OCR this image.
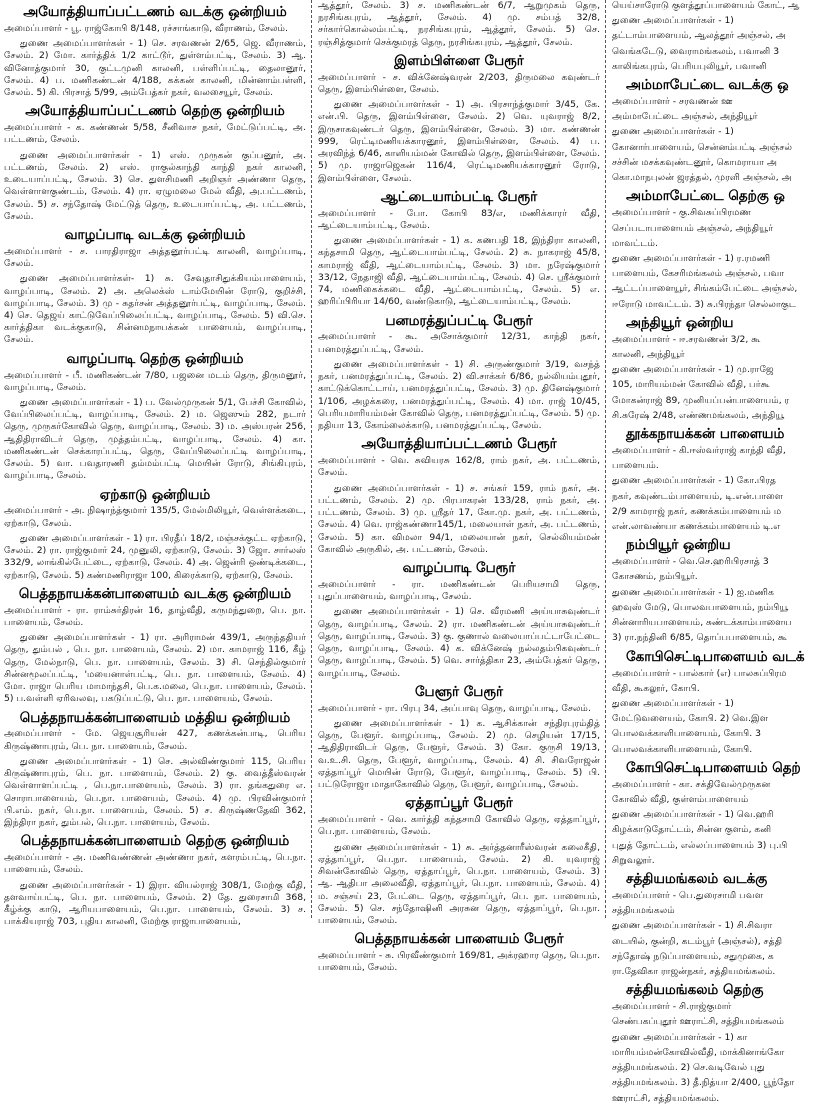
அயோத்தியாப்பட்டணம் வடக்கு ஒன்றியம்

அமைப்பாளர் - பூ. ராஜ்கோபி 8/148, ரச்சாங்காடு, வீராணம், சேலம்.

துணை அமைப்பாளர்கள் - 1) செ. சரவணன் 2/65, ஜெ. வீராணம், சேலம். 2) மோ. கார்த்திக் 1/2 காட்டூர், துள்ளம்பட்டி, சேலம். 3) ஆ. வினோத்குமார் 30, குட்டமுனி காலனி, பள்ளிப்பட்டி, தைலானூர், சேலம். 4) ப. மணிகண்டன் 4/188, கக்கன் காலனி, மின்னாம்பள்ளி, சேலம். 5) கி. பிரசாத் 5/99, அம்பேத்கர் நகர், வலசையூர், சேலம்.

அயோத்தியாப்பட்டணம் தெற்கு ஒன்றியம்

அமைப்பாளர் - க. கண்ணன் 5/58, சீனிவாச நகர், மேட்டுப்பட்டி, அ. பட்டணம், சேலம்.

துணை அமைப்பாளர்கள் - 1) எஸ். முருகன் குப்பனூர், அ. பட்டணம், சேலம். 2) எஸ். ராகுல்காந்தி காந்தி நகர் காலனி, உடையாப்பட்டி, சேலம். 3) செ. துளசிமணி அறிஞர் அண்ணா தெரு, வெள்ளாளகுண்டம், சேலம். 4) ரா. ஏழுமலை மேல் வீதி, அ.பட்டணம், சேலம். 5) ச. சந்தோஷ் மேட்டுத் தெரு, உடையாப்பட்டி, அ. பட்டணம், சேலம்.

வாழப்பாடி வடக்கு ஒன்றியம்

அமைப்பாளர் - ச. பாரதிராஜா அத்தனூர்பட்டி காலனி, வாழப்பாடி, சேலம்.

துணை அமைப்பாளர்கள்- 1) சு. சேவுதாசிதுக்கியம்பாளையம், வாழப்பாடி, சேலம். 2) அ. அலெக்ஸ் டாம்மேயின் ரோடு, குறிச்சி, வாழப்பாடி, சேலம். 3) மு - சுதர்சன் அத்தனூர்பட்டி, வாழப்பாடி, சேலம். 4) செ. தெஜய் காட்டுவேப்பிலைப்பட்டி, வாழப்பாடி, சேலம். 5) வி.செ. கார்த்திகா வடக்குகாடு, சின்னமநாயக்கன் பாளையம், வாழப்பாடி, சேலம்.

வாழப்பாடி தெற்கு ஒன்றியம்

அமைப்பாளர் - பீ. மணிகண்டன் 7/80, பஜனை மடம் தெரு, திருமனூர், வாழப்பாடி, சேலம்.

துணை அமைப்பாளர்கள் - 1) ப. வேல்முருகன் 5/1, பேச்சி கோவில், வேப்பிலைப்பட்டி, வாழப்பாடி, சேலம். 2) ம. ஜெஸும் 282, நடார் தெரு, முருகர்கோவில் தெரு, வாழப்பாடி, சேலம். 3) ம. அஸ்பரன் 256, ஆதிதிராவிடர் தெரு, முத்தம்பட்டி, வாழப்பாடி, சேலம். 4) கா. மணிகண்டன் செக்காரப்பட்டி, தெரு, வேப்பிலைப்பட்டி வாழப்பாடி, சேலம். 5) வா. பவதாரணி தம்மம்பட்டி மெயின் ரோடு, சிங்கிபுரம், வாழப்பாடி, சேலம்.

ஏற்காடு ஒன்றியம்

அமைப்பாளர் - அ. நிஷாந்த்குமார் 135/5, மேல்மிலியூர், வெள்ளக்கடை, ஏற்காடு, சேலம்.

துணை அமைப்பாளர்கள் - 1) ரா. பிரதீப் 18/2, மஞ்சக்குட்ட ஏற்காடு, சேலம். 2) ரா. ராஜ்குமார் 24, முனுலி, ஏற்காடு, சேலம். 3) ஜோ. சார்லஸ் 332/9, லாங்கில்பேட்டை, ஏற்காடு, சேலம். 4) அ. ஜென்ரி ஒண்டிக்கடை, ஏற்காடு, சேலம். 5) கண்மணிராஜா 100, கிரைக்காடு, ஏற்காடு, சேலம்.

பெத்தநாயக்கன்பாளையம் வடக்கு ஒன்றியம்

அமைப்பாளர் - ரா. ராம்சுர்திரன் 16, தாழ்வீதி, கருமந்துறை, பெ. நா. பாளையம், சேலம்.

துணை அமைப்பாளர்கள் - 1) ரா. அரிராமன் 439/1, அருந்ததியர் தெரு, தும்பல் , பெ. நா. பாளையம், சேலம். 2) மா. காமராஜ் 116, கீழ் தெரு, மேல்நாடு, பெ. நா. பாளையம், சேலம். 3) சி. செந்தில்குமார் சின்னமூலப்பட்டி, 'மயைனாள்பட்டி, பெ. நா. பாளையம், சேலம். 4) மோ. ராஜா பெரிய மாமாந்தசி, பெ.க.மலை, பெ.நா. பாளையம், சேலம். 5) ப.வள்ளி ஏரிவலவு, பகடுப்பட்டு, பெ. நா. பாளையம், சேலம்.

பெத்தநாயக்கன்பாளையம் மத்திய ஒன்றியம்

அமைப்பாளர் - மே. ஜெயசூரியன் 427, கணக்கன்பாடி, பெரிய கிருஷ்ணாபுரம், பெ. நா. பாளையம், சேலம்.

துணை அமைப்பாளர்கள் - 1) செ. அல்விண்குமார் 115, பெரிய கிருஷ்ணாபுரம், பெ. நா. பாளையம், சேலம். 2) கு. வைத்தீஸ்வரன் வெள்ளாளப்பட்டி , பெ.நா.பாளையம், சேலம். 3) ரா. தங்கதுரை எ. சொராபாளையம், பெ.நா. பாளையம், சேலம். 4) மு. பிரவின்குமார் பி.எம். நகர், பெ.நா. பாளையம், சேலம். 5) ச. கிருஷ்ணதேவி 362, இந்திரா நகர், தும்பல், பெ.நா. பாளையம், சேலம்.

பெத்தநாயக்கன்பாளையம் தெற்கு ஒன்றியம்

அமைப்பாளர் - அ. மணிவண்ணன் அண்ணா நகர், களரம்பட்டி, பெ.நா. பாளையம், சேலம்.

துணை அமைப்பாளர்கள் - 1) இரா. வியல்ராஜ் 308/1, மேற்கு வீதி, தளவாய்பட்டி, பெ. நா. பாளையம், சேலம். 2) தே. துரைசாமி 368, கீழ்க்கு காடு, ஆரியபாளையம், பெ.நா. பாளையம், சேலம். 3) ச. பாக்கியராஜ் 703, புதிய காலனி, மேற்கு ராஜாபாளையம்,

ஆத்தூர், சேலம். 3) ச. மணிகண்டன் 6/7, ஆறுமுகம் தெரு, நரசிங்கபுரம், ஆத்தூர், சேலம். 4) மு. சம்பத் 32/8, சர்கார்கொல்லம்பட்டி, நரசிங்கபுரம், ஆத்தூர், சேலம். 5) செ. ரஞ்சித்குமார் செக்குமரத் தெரு, நரசிங்கபுரம், ஆத்தூர், சேலம்.

இளம்பிள்ளை பேரூர்

அமைப்பாளர் - ச. விக்னேஷ்வரன் 2/203, திருமலை கவுண்டர் தெரு, இளம்பிள்ளை, சேலம்.

துணை அமைப்பாளர்கள் - 1) அ. பிரசாந்த்குமார் 3/45, கே. என்.பி. தெரு, இளம்பிள்ளை, சேலம். 2) வெ. யுவராஜ் 8/2, இருசாகவுண்டர் தெரு, இளம்பிள்ளை, சேலம். 3) மா. கண்ணன் 999, ரெட்டிமணியக்காரனூர், இளம்பிள்ளை, சேலம். 4) ப. அரவிந்த் 6/46, காளியம்மன் கோவில் தெரு, இளம்பிள்ளை, சேலம். 5) மு. ராஜாஜெகன் 116/4, ரெட்டிமணியக்காரனூர் ரோடு, இளம்பிள்ளை, சேலம்.

ஆட்டையாம்பட்டி பேரூர்

அமைப்பாளர் - போ. கோபி 83/எ, மணிக்காரர் வீதி, ஆட்டையாம்பட்டி, சேலம்.

துணை அமைப்பாளர்கள் - 1) க. கணபதி 18, இந்திரா காலனி, கந்தசாமி தெரு, ஆட்டையாம்பட்டி, சேலம். 2) சு. நாகராஜ் 45/8, காமராஜ் வீதி, ஆட்டையாம்பட்டி, சேலம். 3) மா. நரேஷ்குமார் 33/12, நேதாஜி வீதி, ஆட்டையாம்பட்டி, சேலம். 4) செ. ஸ்ரீக்குமார் 74, மணிகைக்கடை வீதி, ஆட்டையாம்பட்டி, சேலம். 5) எ. ஹரிப்பிரியா 14/60, வண்டுகாடு, ஆட்டையாம்பட்டி, சேலம்.

பனமரத்துப்பட்டி பேரூர்

அமைப்பாளர் - கூ. அசோக்குமார் 12/31, காந்தி நகர், பனமரத்துப்பட்டி, சேலம்.

துணை அமைப்பாளர்கள் - 1) சி. அருண்குமார் 3/19, வசந்த் நகர், பனமரத்துப்பட்டி, சேலம். 2) வி.சாக்கர் 6/86, நல்லியம்புதூர், காட்டுக்கொட்டாய், பனமரத்துப்பட்டி, சேலம். 3) மு. தினேஷ்குமார் 1/106, அழக்கரை, பனமரத்துப்பட்டி, சேலம். 4) மா. ராஜ் 10/45, பெரியமாரியம்மன் கோவில் தெரு, பனமரத்துப்பட்டி, சேலம். 5) மு. நதியா 13, கோம்லைக்காடு, பனமரத்துப்பட்டி, சேலம்.

அயோத்தியாப்பட்டணம் பேரூர்

அமைப்பாளர் - வெ. சுவியரசு 162/8, ராம் நகர், அ. பட்டணம், சேலம்.

துணை அமைப்பாளர்கள் - 1) ச. சங்கர் 159, ராம் நகர், அ. பட்டணம், சேலம். 2) மு. பிரபாகரன் 133/28, ராம் நகர், அ. பட்டணம், சேலம். 3) மு. ஸ்ரீதர் 17, கோ.மு. நகர், அ. பட்டணம், சேலம். 4) வெ. ராஜ்கண்ணா145/1, மலையாள் நகர், அ. பட்டணம், சேலம். 5) கா. விமலா 94/1, மலையான் நகர், செல்லியம்மன் கோவில் அருகில், அ. பட்டணம், சேலம்.

வாழப்பாடி பேரூர்

அமைப்பாளர் - ரா. மணிகண்டன் பெரியசாமி தெரு, புதுப்பாளையம், வாழப்பாடி, சேலம்.

துணை அமைப்பாளர்கள் - 1) செ. வீரமணி அய்யாசுவுண்டர் தெரு, வாழப்பாடி, சேலம். 2) ரா. மணிகண்டன் அய்யாசுவுண்டர் தெரு, வாழப்பாடி, சேலம். 3) கு. குணால் வலையாப்பட்டாபேட்டை தெரு, வாழப்பாடி, சேலம். 4) க. விக்னேஷ் நல்லதம்பிகவுண்டர் தெரு, வாழப்பாடி, சேலம். 5) வெ. சார்த்திகா 23, அம்பேத்கர் தெரு, வாழப்பாடி, சேலம்.

பேளூர் பேரூர்

அமைப்பாளர் - ரா. பிரபு 34, அப்பாவு தெரு, வாழப்பாடி, சேலம்.

துணை அமைப்பாளர்கள் - 1) க. ஆசிக்கான் சந்திரபுரம்தித் தெரு, பேளூர். வாழப்பாடி, சேலம். 2) மு. செழியன் 17/15, ஆதிதிராவிடர் தெரு, பேளூர், சேலம். 3) கோ. குருசி 19/13, வ.உ.சி. தெரு, பேளூர், வாழப்பாடி, சேலம். 4) சி. சிவரோஜன் ஏத்தாப்பூர் மெயின் ரோடு, பேளூர், வாழப்பாடி, சேலம். 5) பி. பட்டுரோஜா மாதாகோவில் தெரு, பேளூர், வாழப்பாடி, சேலம்.

ஏத்தாப்பூர் பேரூர்

அமைப்பாளர் - வெ. கார்த்தி கந்தசாமி கோவில் தெரு, ஏத்தாப்பூர், பெ.நா. பாளையம், சேலம்.

துணை அமைப்பாளர்கள் - 1) சு. அர்த்தனாரீஸ்வரன் கலைகீதி, ஏத்தாப்பூர், பெ.நா. பாளையம், சேலம். 2) கி. யுவராஜ் சிவன்கோவில் தெரு, ஏத்தாப்பூர், பெ.நா. பாளையம், சேலம். 3) ஆ. ஆதிபா அலைவீதி, ஏத்தாப்பூர், பெ.நா. பாளையம், சேலம். 4) ம. சஞ்சய் 23, பேட்டை தெரு, ஏத்தாப்பூர், பெ. நா. பாளையம், சேலம். 5) செ. சந்தோஷினி அரசுன தெரு, ஏத்தாப்பூர், பெ.நா. பாளையம், சேலம்.

பெத்தநாயக்கன் பாளையம் பேரூர்

அமைப்பாளர் - சு. பிரவீண்குமார் 169/81, அக்ரஹார தெரு, பெ.நா. பாளையம், சேலம்.

யெய்சாரோடு குளத்தூப்பாளையம் கோட், ஆ

துணை அமைப்பாளர்கள் - 1)

தட்டாம்பாளையம், ஆலத்தூர் அஞ்சல், அ

வெங்கடேடு, வைராமங்கலம், பவானி 3

காலிங்கபுரம், பெரியபுலியூர், பவானி

அம்மாபேட்டை வடக்கு ஒ

அமைப்பாளர் - சரவணன் ஊ

அம்மாபேட்டை அஞ்சல், அந்தியூர்

துணை அமைப்பாளர்கள் - 1)

கோனார்பாளையம், சென்னம்பட்டி அஞ்சல்

சச்சின் மசக்கவுண்டனூர், கொமராயா அ

கொ.மாநபுலன் ஜரத்தல், முரளி அஞ்சல், அ

அம்மாபேட்டை தெற்கு ஒ

அமைப்பாளர் - கு.சிவசுப்பிரமண

செப்படாபாளையம் அஞ்சல், அந்தியூர்

மாவட்டம்.

துணை அமைப்பாளர்கள் - 1) ர.ரமணி

பாளையம், கேசரிமங்கலம் அஞ்சல், பவா

ஆட்டப்பாளையூர், சிங்கம்பேட்டை அஞ்சல்,

ஈரோடு மாவட்டம். 3) சு.பிரந்தா செல்லாகுட

அந்தியூர் ஒன்றிய

அமைப்பாளர் - ஈ.சரவணன் 3/2, கூ

காலனி, அந்தியூர்

துணை அமைப்பாளர்கள் - 1) மு.ராஜே

105, மாரியம்மன் கோவில் வீதி, பர்கூ

மோகன்ராஜ் 89, முனியப்பன்பாளையம், ர

சி.சுரேஷ் 2/48, எண்ணமங்கலம், அந்தியூ

தூக்கநாயக்கன் பாளையம்

அமைப்பாளர் - கி.ஈஸ்வர்ராஜ் காந்தி வீதி,

பாளையம்.

துணை அமைப்பாளர்கள் - 1) கோ.பிரத

நகர், கவுண்டம்பாளையம், டி.என்.பாளை

2/9 காமராஜ் நகர், கணக்கம்பாளையம் ம

என்.லாவண்யா கணக்கம்பாளையம் டி.எ

நம்பியூர் ஒன்றிய

அமைப்பாளர் - வெ.செ.ஹரிபிரசாத் 3

கோசணம், நம்பியூர்.

துணை அமைப்பாளர்கள் - 1) ஐ.மணிக

ஹவுஸ் மேடு, பொலவபாளையம், நம்பியூ

சின்னாரியபாளையம், சுண்டக்காம்பாளைய

3) ரா.நந்தினி 6/85, தொப்பபாளையம், கூ

கோபிசெட்டிபாளையம் வடக்

அமைப்பாளர் - பால்கார் (எ) பாலசுப்பிரம

வீதி, கூகலூர், கோபி.

துணை அமைப்பாளர்கள் - 1)

மேட்டுவளையம், கோபி. 2) வெ.இள

பொலவக்காளிபாளையம், கோபி. 3

பொலவக்காளிபாளையம், கோபி.

கோபிசெட்டிபாளையம் தெற்

அமைப்பாளர் - கா. சக்திவேல்முருகன

கோவில் வீதி, குள்ளம்பாளையம்

துணை அமைப்பாளர்கள் - 1) வெ.ஹரி

கிழக்காடுதோட்டம், சின்ன குளம், கனி

புதுத் தோட்டம், எல்லப்பாளையம் 3) பு.பி

சிறுவலூர்.

சத்தியமங்கலம் வடக்கு

அமைப்பாளர் - பெ.துரைசாமி பவள

சத்தியமங்கலம்

துணை அமைப்பாளர்கள் - 1) சி.சிவரா

டையில், குன்றி, கடம்பூர் (அஞ்சல்), சத்தி

சந்தோஷ் நடுப்பாளையம், சதுமுகை, க

ரா.தேவிகா ராஜன்நகர், சத்தியமங்கலம்.

சத்தியமங்கலம் தெற்கு

அமைப்பாளர் - சி.ராஜ்குமார்

செண்பகப்புதூர் ஊராட்சி, சத்தியமங்கலம்

துணை அமைப்பாளர்கள் - 1) கா

மாரியம்மன்கோவில்வீதி, மாக்கினாங்கோ

சத்தியமங்கலம். 2) செ.வடிவேல் புது

சத்தியமங்கலம். 3) தீ.நித்யா 2/400, பூந்தோ

ஊராட்சி, சத்தியமங்கலம்.
